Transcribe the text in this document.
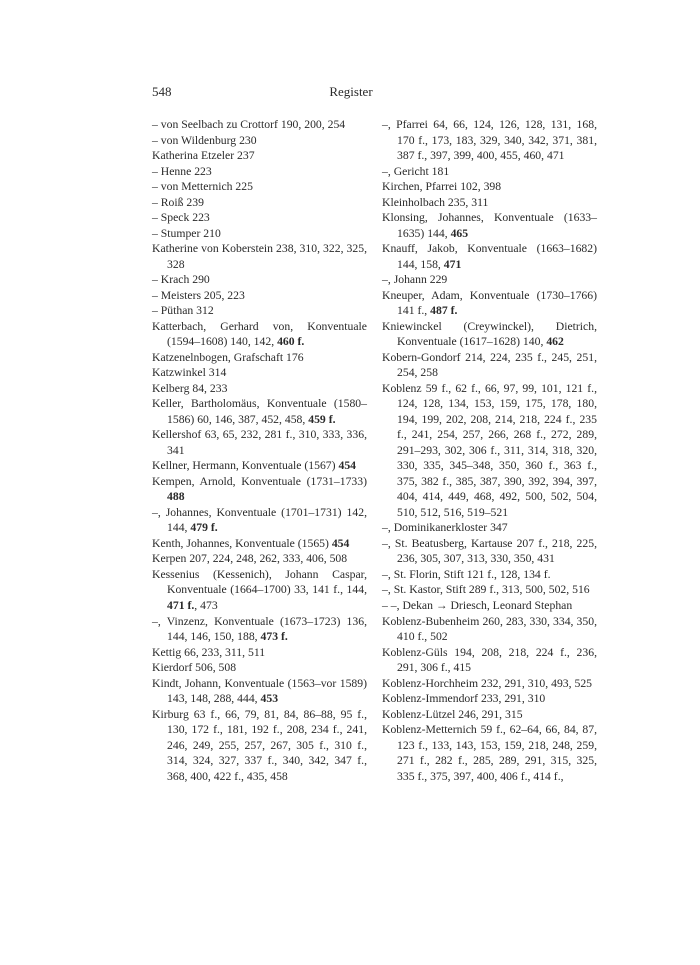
548	Register
– von Seelbach zu Crottorf 190, 200, 254
– von Wildenburg 230
Katherina Etzeler 237
– Henne 223
– von Metternich 225
– Roiß 239
– Speck 223
– Stumper 210
Katherine von Koberstein 238, 310, 322, 325, 328
– Krach 290
– Meisters 205, 223
– Püthan 312
Katterbach, Gerhard von, Konventuale (1594–1608) 140, 142, 460 f.
Katzenelnbogen, Grafschaft 176
Katzwinkel 314
Kelberg 84, 233
Keller, Bartholomäus, Konventuale (1580–1586) 60, 146, 387, 452, 458, 459 f.
Kellershof 63, 65, 232, 281 f., 310, 333, 336, 341
Kellner, Hermann, Konventuale (1567) 454
Kempen, Arnold, Konventuale (1731–1733) 488
–, Johannes, Konventuale (1701–1731) 142, 144, 479 f.
Kenth, Johannes, Konventuale (1565) 454
Kerpen 207, 224, 248, 262, 333, 406, 508
Kessenius (Kessenich), Johann Caspar, Konventuale (1664–1700) 33, 141 f., 144, 471 f., 473
–, Vinzenz, Konventuale (1673–1723) 136, 144, 146, 150, 188, 473 f.
Kettig 66, 233, 311, 511
Kierdorf 506, 508
Kindt, Johann, Konventuale (1563–vor 1589) 143, 148, 288, 444, 453
Kirburg 63 f., 66, 79, 81, 84, 86–88, 95 f., 130, 172 f., 181, 192 f., 208, 234 f., 241, 246, 249, 255, 257, 267, 305 f., 310 f., 314, 324, 327, 337 f., 340, 342, 347 f., 368, 400, 422 f., 435, 458
–, Pfarrei 64, 66, 124, 126, 128, 131, 168, 170 f., 173, 183, 329, 340, 342, 371, 381, 387 f., 397, 399, 400, 455, 460, 471
–, Gericht 181
Kirchen, Pfarrei 102, 398
Kleinholbach 235, 311
Klonsing, Johannes, Konventuale (1633–1635) 144, 465
Knauff, Jakob, Konventuale (1663–1682) 144, 158, 471
–, Johann 229
Kneuper, Adam, Konventuale (1730–1766) 141 f., 487 f.
Kniewinckel (Creywinckel), Dietrich, Konventuale (1617–1628) 140, 462
Kobern-Gondorf 214, 224, 235 f., 245, 251, 254, 258
Koblenz 59 f., 62 f., 66, 97, 99, 101, 121 f., 124, 128, 134, 153, 159, 175, 178, 180, 194, 199, 202, 208, 214, 218, 224 f., 235 f., 241, 254, 257, 266, 268 f., 272, 289, 291–293, 302, 306 f., 311, 314, 318, 320, 330, 335, 345–348, 350, 360 f., 363 f., 375, 382 f., 385, 387, 390, 392, 394, 397, 404, 414, 449, 468, 492, 500, 502, 504, 510, 512, 516, 519–521
–, Dominikanerkloster 347
–, St. Beatusberg, Kartause 207 f., 218, 225, 236, 305, 307, 313, 330, 350, 431
–, St. Florin, Stift 121 f., 128, 134 f.
–, St. Kastor, Stift 289 f., 313, 500, 502, 516
– –, Dekan → Driesch, Leonard Stephan
Koblenz-Bubenheim 260, 283, 330, 334, 350, 410 f., 502
Koblenz-Güls 194, 208, 218, 224 f., 236, 291, 306 f., 415
Koblenz-Horchheim 232, 291, 310, 493, 525
Koblenz-Immendorf 233, 291, 310
Koblenz-Lützel 246, 291, 315
Koblenz-Metternich 59 f., 62–64, 66, 84, 87, 123 f., 133, 143, 153, 159, 218, 248, 259, 271 f., 282 f., 285, 289, 291, 315, 325, 335 f., 375, 397, 400, 406 f., 414 f.,
